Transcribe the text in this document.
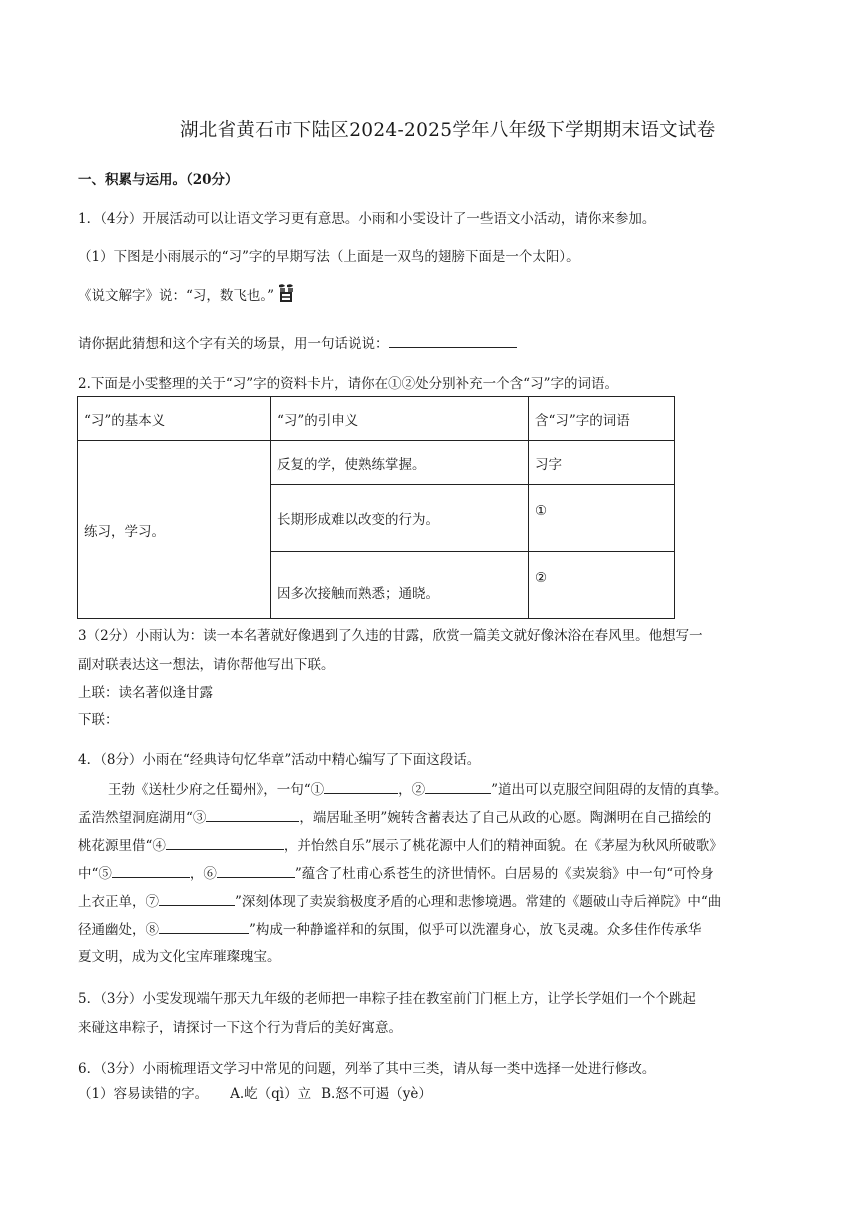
湖北省黄石市下陆区2024-2025学年八年级下学期期末语文试卷
一、积累与运用。（20分）
1．（4分）开展活动可以让语文学习更有意思。小雨和小雯设计了一些语文小活动，请你来参加。
（1）下图是小雨展示的“习”字的早期写法（上面是一双鸟的翅膀下面是一个太阳）。
《说文解字》说：“习，数飞也。”
请你据此猜想和这个字有关的场景，用一句话说说：
2.下面是小雯整理的关于“习”字的资料卡片，请你在①②处分别补充一个含“习”字的词语。
“习”的基本义	“习”的引申义	含“习”字的词语
练习，学习。	反复的学，使熟练掌握。	习字
	长期形成难以改变的行为。	①
	因多次接触而熟悉；通晓。	②
3（2分）小雨认为：读一本名著就好像遇到了久违的甘露，欣赏一篇美文就好像沐浴在春风里。他想写一
副对联表达这一想法，请你帮他写出下联。
上联：读名著似逢甘露
下联：
4．（8分）小雨在“经典诗句忆华章”活动中精心编写了下面这段话。
王勃《送杜少府之任蜀州》，一句“①	，②	”道出可以克服空间阻碍的友情的真挚。
孟浩然望洞庭湖用“③	，端居耻圣明”婉转含蓄表达了自己从政的心愿。陶渊明在自己描绘的
桃花源里借“④	，并怡然自乐”展示了桃花源中人们的精神面貌。在《茅屋为秋风所破歌》
中“⑤	，⑥	”蕴含了杜甫心系苍生的济世情怀。白居易的《卖炭翁》中一句“可怜身
上衣正单，⑦	”深刻体现了卖炭翁极度矛盾的心理和悲惨境遇。常建的《题破山寺后禅院》中“曲
径通幽处，⑧	”构成一种静谧祥和的氛围，似乎可以洗濯身心，放飞灵魂。众多佳作传承华
夏文明，成为文化宝库璀璨瑰宝。
5．（3分）小雯发现端午那天九年级的老师把一串粽子挂在教室前门门框上方，让学长学姐们一个个跳起
来碰这串粽子，请探讨一下这个行为背后的美好寓意。
6．（3分）小雨梳理语文学习中常见的问题，列举了其中三类，请从每一类中选择一处进行修改。
（1）容易读错的字。 A.屹（qì）立 B.怒不可遏（yè）
